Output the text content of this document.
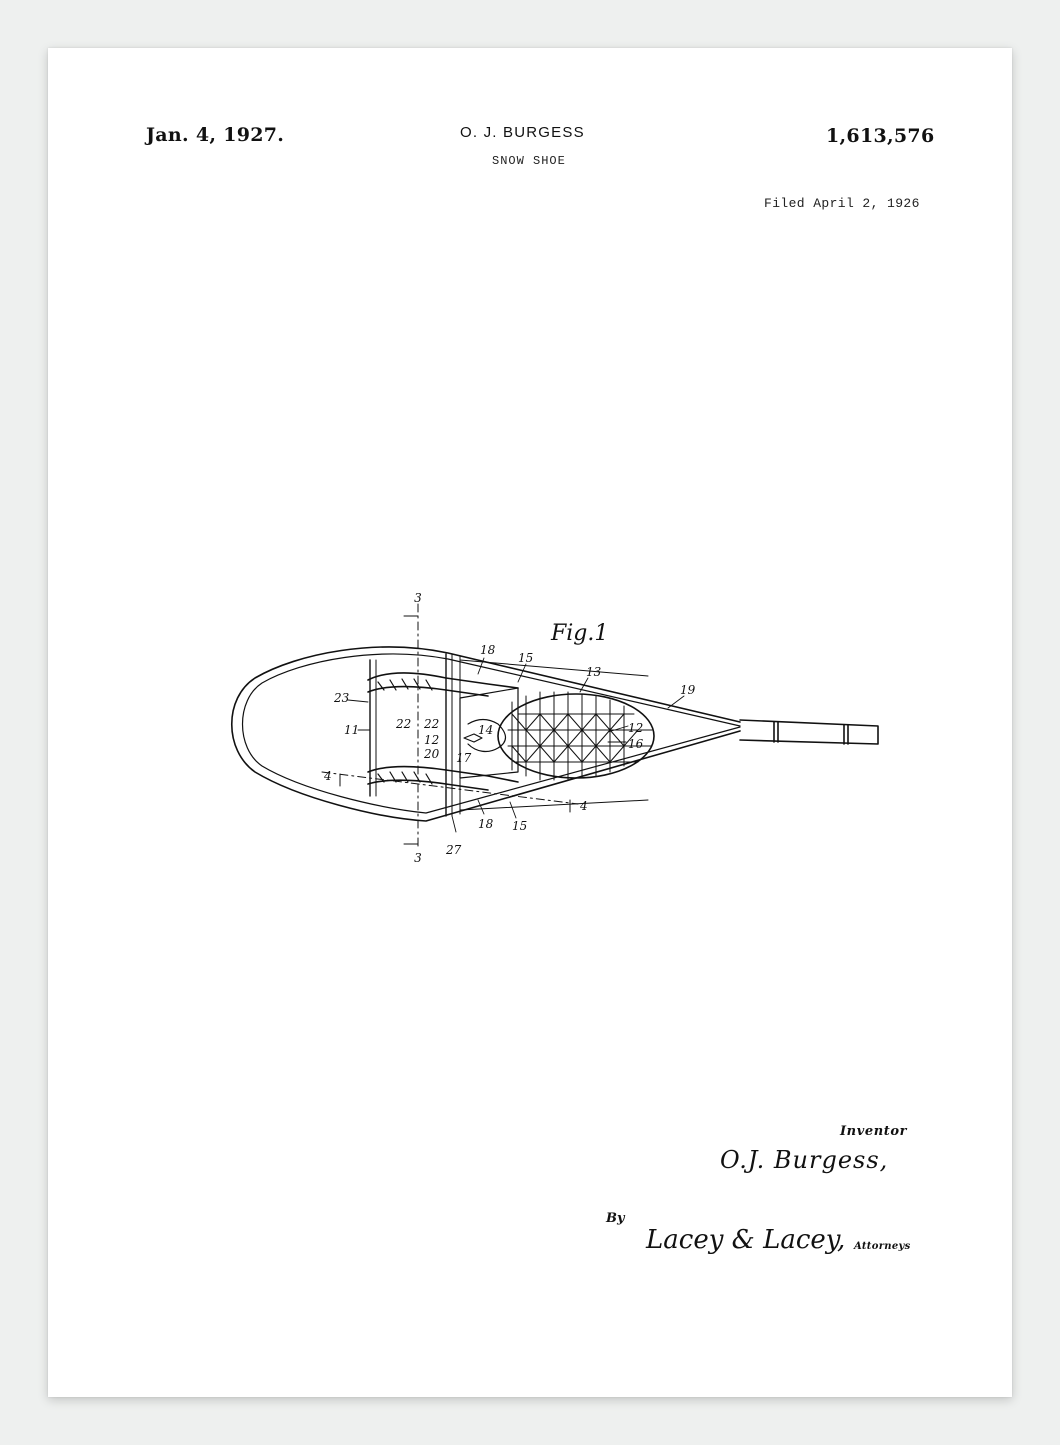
Jan. 4, 1927.	O. J. BURGESS
SNOW SHOE
1,613,576
Filed April 2, 1926
Fig.1
3
18
15
13
19
23
11	22 22	12
12	16
14
20 17
4
4
18 15
27
3
Inventor
O.J. Burgess,
By
Lacey & Lacey, Attorneys
